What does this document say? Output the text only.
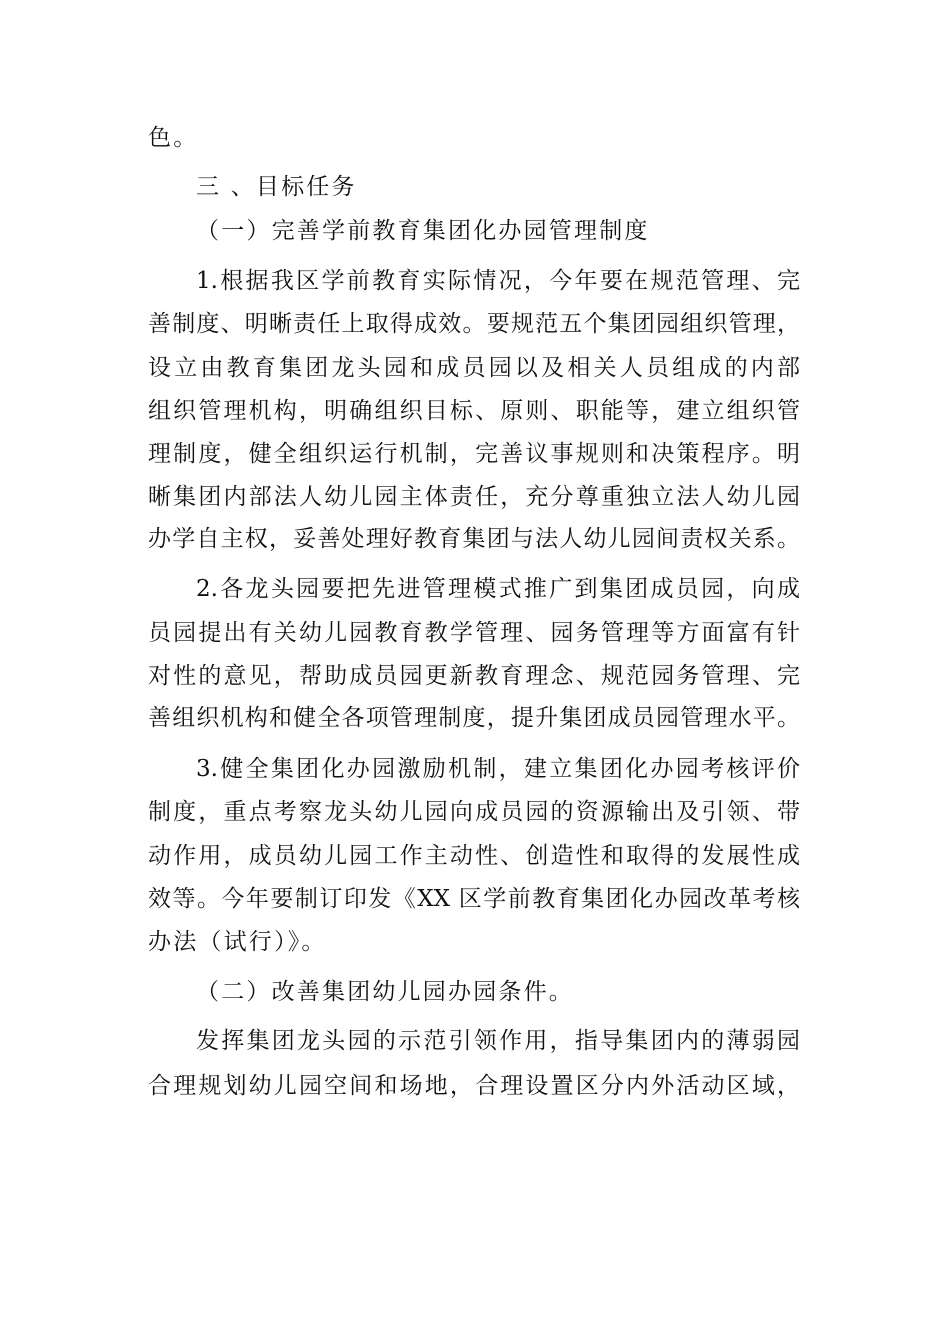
色。
三 、目标任务
（一）完善学前教育集团化办园管理制度
1.根据我区学前教育实际情况，今年要在规范管理、完
善制度、明晰责任上取得成效。要规范五个集团园组织管理，
设立由教育集团龙头园和成员园以及相关人员组成的内部
组织管理机构，明确组织目标、原则、职能等，建立组织管
理制度，健全组织运行机制，完善议事规则和决策程序。明
晰集团内部法人幼儿园主体责任，充分尊重独立法人幼儿园
办学自主权，妥善处理好教育集团与法人幼儿园间责权关系。
2.各龙头园要把先进管理模式推广到集团成员园，向成
员园提出有关幼儿园教育教学管理、园务管理等方面富有针
对性的意见，帮助成员园更新教育理念、规范园务管理、完
善组织机构和健全各项管理制度，提升集团成员园管理水平。
3.健全集团化办园激励机制，建立集团化办园考核评价
制度，重点考察龙头幼儿园向成员园的资源输出及引领、带
动作用，成员幼儿园工作主动性、创造性和取得的发展性成
效等。今年要制订印发《XX 区学前教育集团化办园改革考核
办法（试行）》。
（二）改善集团幼儿园办园条件。
发挥集团龙头园的示范引领作用，指导集团内的薄弱园
合理规划幼儿园空间和场地，合理设置区分内外活动区域，
